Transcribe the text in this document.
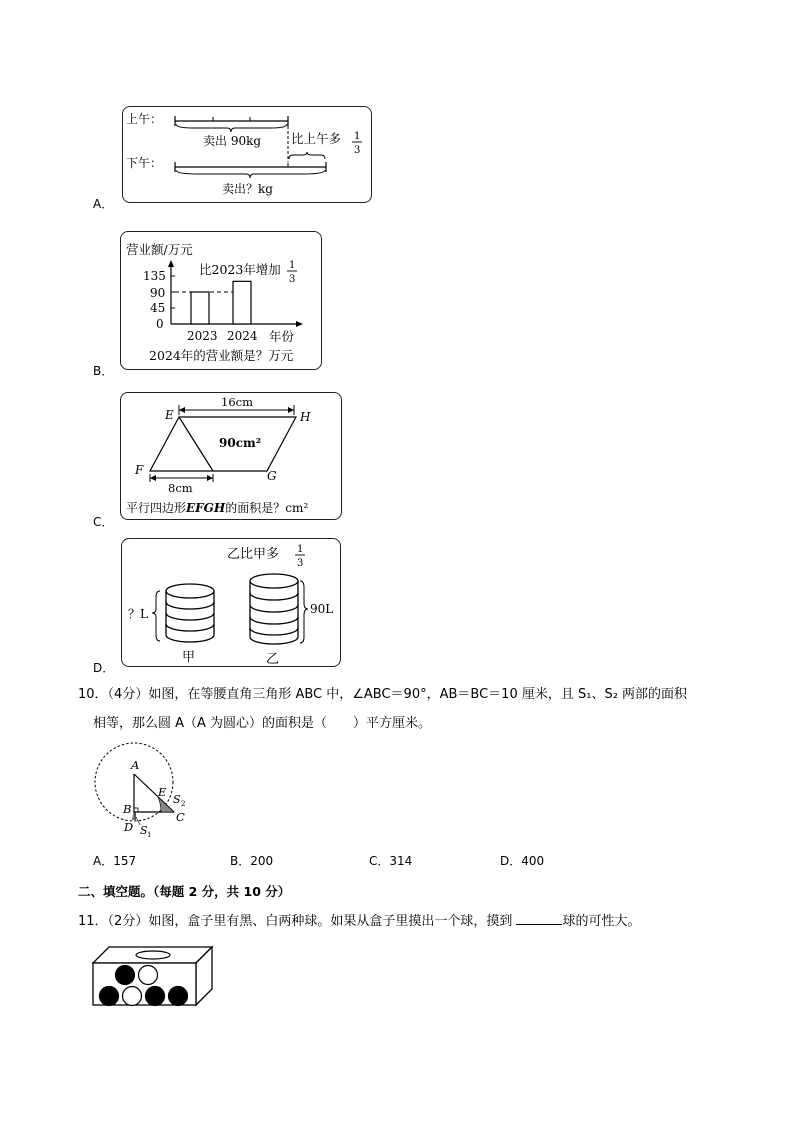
上午：
卖出 90kg 比上午多 1
3
下午：
卖出？kg
A．
营业额/万元
135
90
45
0
2023 2024 年份
比2023年增加 1
3
2024年的营业额是？万元
B．
16cm
E	H
F	G
90cm²
8cm
平行四边形EFGH的面积是？cm²
C．
乙比甲多 1
3
？L
甲
90L
乙
D．
10．（4分）如图，在等腰直角三角形 ABC 中，∠ABC＝90°，AB＝BC＝10 厘米，且 S₁、S₂ 两部的面积
相等，那么圆 A（A 为圆心）的面积是（　　）平方厘米。
A
B
C
D
E
S 2
S 1
A．157	B．200	C．314	D．400
二、填空题。（每题 2 分，共 10 分）
11．（2分）如图，盒子里有黑、白两种球。如果从盒子里摸出一个球，摸到	球的可性大。
